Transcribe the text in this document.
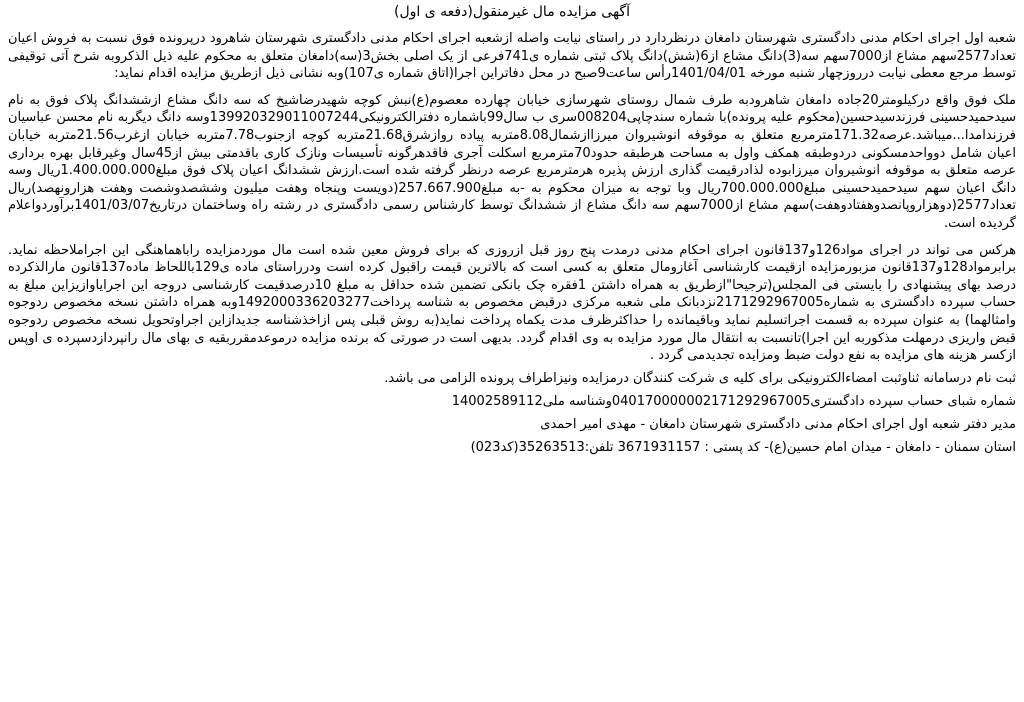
آگهی مزایده مال غیرمنقول(دفعه ی اول)

شعبه اول اجرای احکام مدنی دادگستری شهرستان دامغان درنظردارد در راستای نیابت واصله ازشعبه اجرای احکام مدنی دادگستری شهرستان شاهرود درپرونده فوق نسبت به فروش اعیان تعداد2577سهم مشاع از7000سهم سه(3)دانگ مشاع از6(شش)دانگ پلاک ثبتی شماره ی741فرعی از یک اصلی بخش3(سه)دامغان متعلق به محکوم علیه ذیل الذکروبه شرح آتی توقیفی توسط مرجع معطی نیابت درروزچهار شنبه مورخه 1401/04/01رأس ساعت9صبح در محل دفاتراین اجرا(اتاق شماره ی107)وبه نشانی ذیل ازطریق مزایده اقدام نماید:

ملک فوق واقع درکیلومتر20جاده دامغان شاهرودبه طرف شمال روستای شهرسازی خیابان چهارده معصوم(ع)نبش کوچه شهیدرضاشیخ که سه دانگ مشاع ازششدانگ پلاک فوق به نام سیدحمیدحسینی فرزندسیدحسین(محکوم علیه پرونده)با شماره سندچاپی008204سری ب سال99باشماره دفترالکترونیکی139920329011007244وسه دانگ دیگربه نام محسن عباسیان فرزندامدا...میباشد.عرصه171.32مترمربع متعلق به موقوفه انوشیروان میرزاازشمال8.08متربه پیاده روازشرق21.68متربه کوچه ازجنوب7.78متربه خیابان ازغرب21.56متربه خیابان اعیان شامل دوواحدمسکونی دردوطبقه همکف واول به مساحت هرطبقه حدود70مترمربع اسکلت آجری فاقدهرگونه تأسیسات ونازک کاری باقدمتی بیش از45سال وغیرقابل بهره برداری عرصه متعلق به موقوفه انوشیروان میرزابوده لذادرقیمت گذاری ارزش پذیره هرمترمربع عرصه درنظر گرفته شده است.ارزش ششدانگ اعیان پلاک فوق مبلغ1.400.000.000ریال وسه دانگ اعیان سهم سیدحمیدحسینی مبلغ700.000.000ریال وبا توجه به میزان محکوم به -به مبلغ257.667.900(دویست وپنجاه وهفت میلیون وششصدوشصت وهفت هزارونهصد)ریال تعداد2577(دوهزاروپانصدوهفتادوهفت)سهم مشاع از7000سهم سه دانگ مشاع از ششدانگ توسط کارشناس رسمی دادگستری در رشته راه وساختمان درتاریخ1401/03/07برآوردواعلام گردیده است.

هرکس می تواند در اجرای مواد126و137قانون اجرای احکام مدنی درمدت پنج روز قبل ازروزی که برای فروش معین شده است مال موردمزایده راباهماهنگی این اجراملاحظه نماید. برابرمواد128و137قانون مزبورمزایده ازقیمت کارشناسی آغازومال متعلق به کسی است که بالاترین قیمت راقبول کرده است ودرراستای ماده ی129باللحاظ ماده137قانون مارالذکرده درصد بهای پیشنهادی را بایستی فی المجلس(ترجیحا"ازطریق به همراه داشتن 1فقره چک بانکی تضمین شده حداقل به مبلغ 10درصدقیمت کارشناسی دروجه این اجرایاوازیزاین مبلغ به حساب سپرده دادگستری به شماره2171292967005نزدبانک ملی شعبه مرکزی درقبض مخصوص به شناسه پرداخت1492000336203277وبه همراه داشتن نسخه مخصوص ردوجوه وامثالهما) به عنوان سپرده به قسمت اجراتسلیم نماید وباقیمانده را حداکثرظرف مدت یکماه پرداخت نماید(به روش قبلی پس ازاخذشناسه جدیدازاین اجراوتحویل نسخه مخصوص ردوجوه قبض واریزی درمهلت مذکوربه این اجرا)تانسبت به انتقال مال مورد مزایده به وی اقدام گردد. بدیهی است در صورتی که برنده مزایده درموعدمقرربقیه ی بهای مال رانپردازدسپرده ی اوپس ازکسر هزینه های مزایده به نفع دولت ضبط ومزایده تجدیدمی گردد .

ثبت نام درسامانه ثناوثبت امضاءالکترونیکی برای کلیه ی شرکت کنندگان درمزایده ونیزاطراف پرونده الزامی می باشد.

شماره شبای حساب سپرده دادگستری040170000002171292967005وشناسه ملی14002589112

مدیر دفتر شعبه اول اجرای احکام مدنی دادگستری شهرستان دامغان - مهدی امیر احمدی

استان سمنان - دامغان - میدان امام حسین(ع)- کد پستی : 3671931157 تلفن:35263513(کد023)
